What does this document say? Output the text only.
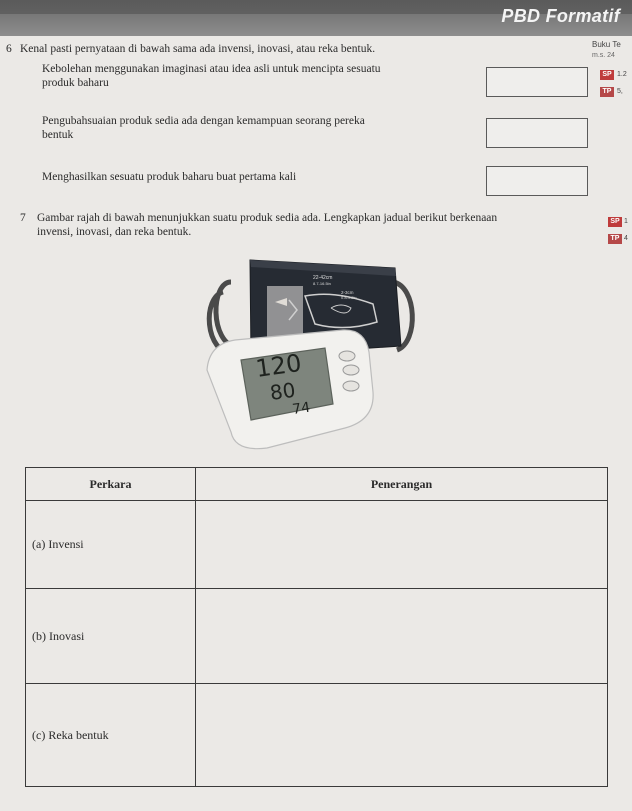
PBD Formatif
Buku Te
m.s. 24
SP 1.2
TP 5,
SP 1
TP 4
6 Kenal pasti pernyataan di bawah sama ada invensi, inovasi, atau reka bentuk.
Kebolehan menggunakan imaginasi atau idea asli untuk mencipta sesuatu
produk baharu
Pengubahsuaian produk sedia ada dengan kemampuan seorang pereka
bentuk
Menghasilkan sesuatu produk baharu buat pertama kali
7 Gambar rajah di bawah menunjukkan suatu produk sedia ada. Lengkapkan jadual berikut berkenaan
invensi, inovasi, dan reka bentuk.
22-42cm
8.7-16.5in
2-3cm
0.8-1.2in
120
80
74
Perkara	Penerangan
(a) Invensi	
(b) Inovasi	
(c) Reka bentuk	
